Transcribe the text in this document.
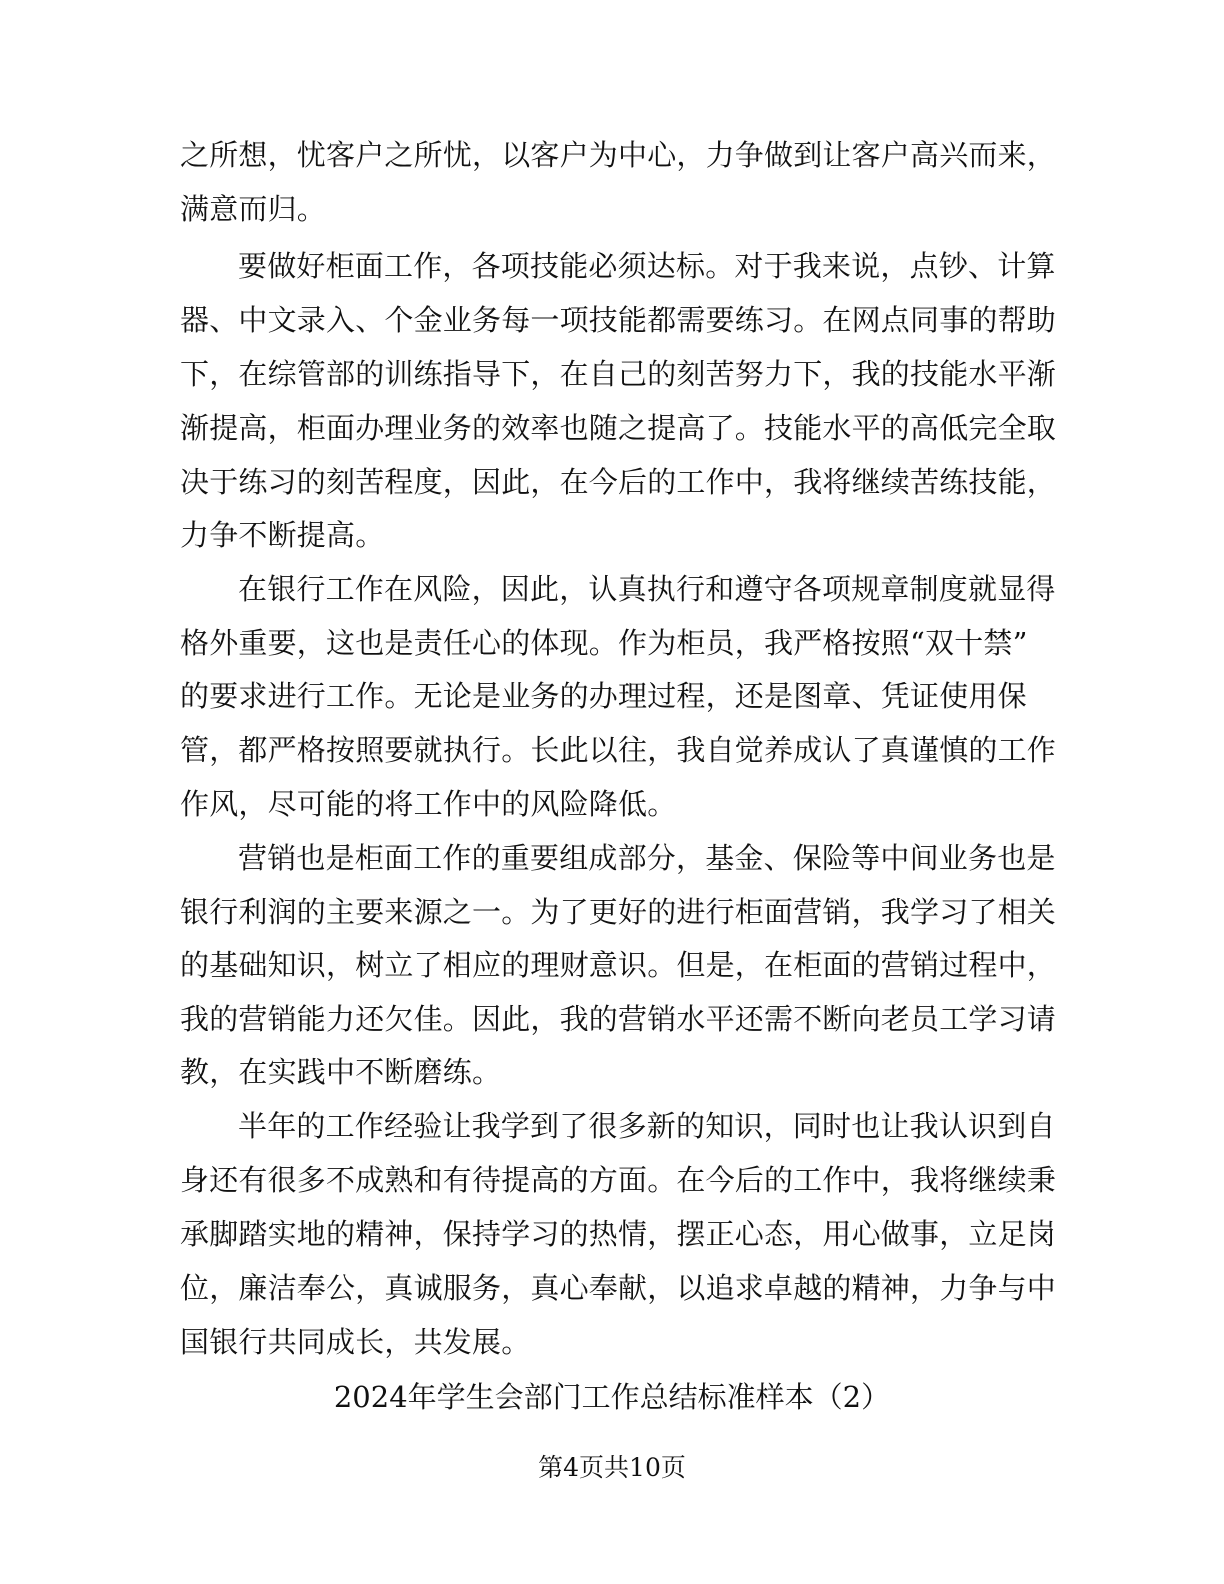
之所想，忧客户之所忧，以客户为中心，力争做到让客户高兴而来，
满意而归。
要做好柜面工作，各项技能必须达标。对于我来说，点钞、计算
器、中文录入、个金业务每一项技能都需要练习。在网点同事的帮助
下，在综管部的训练指导下，在自己的刻苦努力下，我的技能水平渐
渐提高，柜面办理业务的效率也随之提高了。技能水平的高低完全取
决于练习的刻苦程度，因此，在今后的工作中，我将继续苦练技能，
力争不断提高。
在银行工作在风险，因此，认真执行和遵守各项规章制度就显得
格外重要，这也是责任心的体现。作为柜员，我严格按照“双十禁”
的要求进行工作。无论是业务的办理过程，还是图章、凭证使用保
管，都严格按照要就执行。长此以往，我自觉养成认了真谨慎的工作
作风，尽可能的将工作中的风险降低。
营销也是柜面工作的重要组成部分，基金、保险等中间业务也是
银行利润的主要来源之一。为了更好的进行柜面营销，我学习了相关
的基础知识，树立了相应的理财意识。但是，在柜面的营销过程中，
我的营销能力还欠佳。因此，我的营销水平还需不断向老员工学习请
教，在实践中不断磨练。
半年的工作经验让我学到了很多新的知识，同时也让我认识到自
身还有很多不成熟和有待提高的方面。在今后的工作中，我将继续秉
承脚踏实地的精神，保持学习的热情，摆正心态，用心做事，立足岗
位，廉洁奉公，真诚服务，真心奉献，以追求卓越的精神，力争与中
国银行共同成长，共发展。
2024年学生会部门工作总结标准样本（2）
第4页共10页
